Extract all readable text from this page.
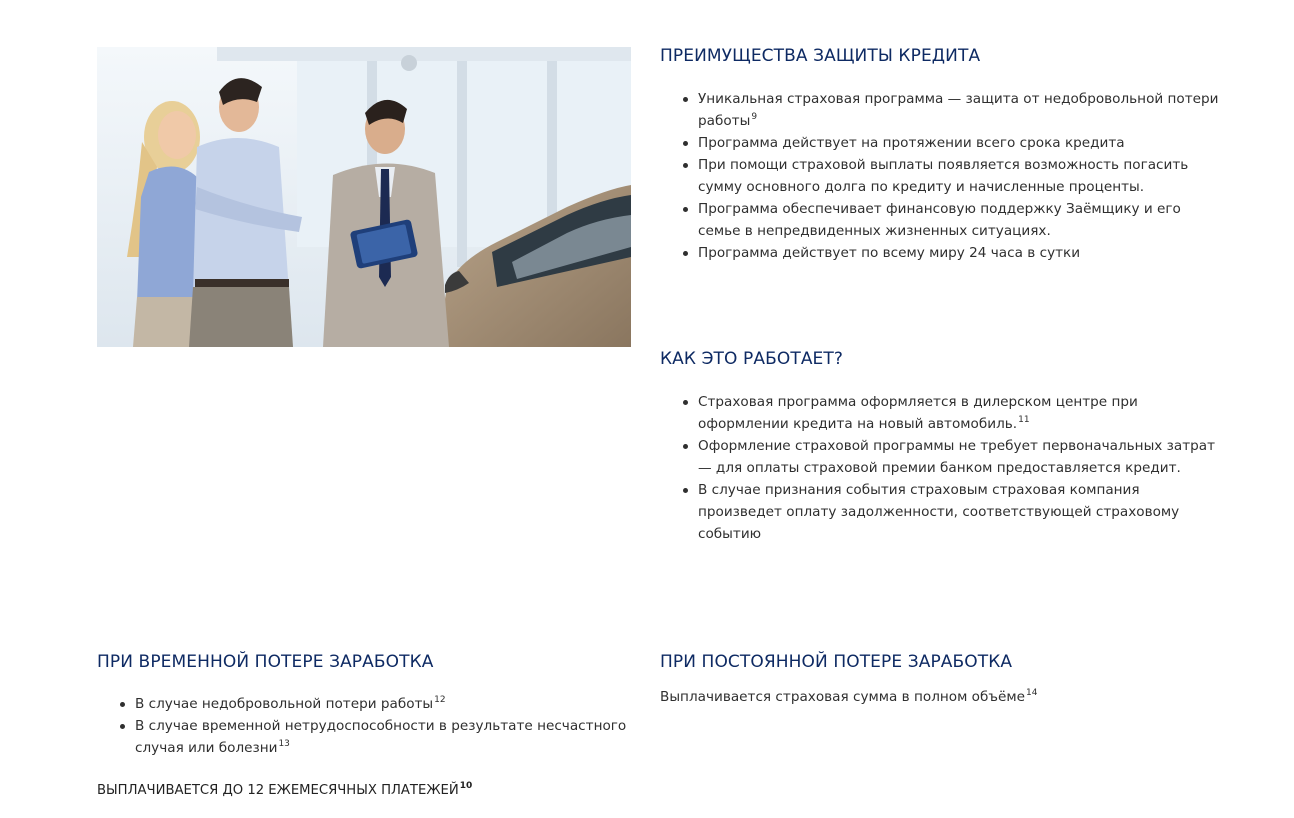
ПРЕИМУЩЕСТВА ЗАЩИТЫ КРЕДИТА
Уникальная страховая программа — защита от недобровольной потери работы$^9$
Программа действует на протяжении всего срока кредита
При помощи страховой выплаты появляется возможность погасить сумму основного долга по кредиту и начисленные проценты.
Программа обеспечивает финансовую поддержку Заёмщику и его семье в непредвиденных жизненных ситуациях.
Программа действует по всему миру 24 часа в сутки
КАК ЭТО РАБОТАЕТ?
Страховая программа оформляется в дилерском центре при оформлении кредита на новый автомобиль.$^{11}$
Оформление страховой программы не требует первоначальных затрат — для оплаты страховой премии банком предоставляется кредит.
В случае признания события страховым страховая компания произведет оплату задолженности, соответствующей страховому событию
ПРИ ВРЕМЕННОЙ ПОТЕРЕ ЗАРАБОТКА
В случае недобровольной потери работы$^{12}$
В случае временной нетрудоспособности в результате несчастного случая или болезни$^{13}$
ВЫПЛАЧИВАЕТСЯ ДО 12 ЕЖЕМЕСЯЧНЫХ ПЛАТЕЖЕЙ$^{10}$
ПРИ ПОСТОЯННОЙ ПОТЕРЕ ЗАРАБОТКА
Выплачивается страховая сумма в полном объёме$^{14}$
